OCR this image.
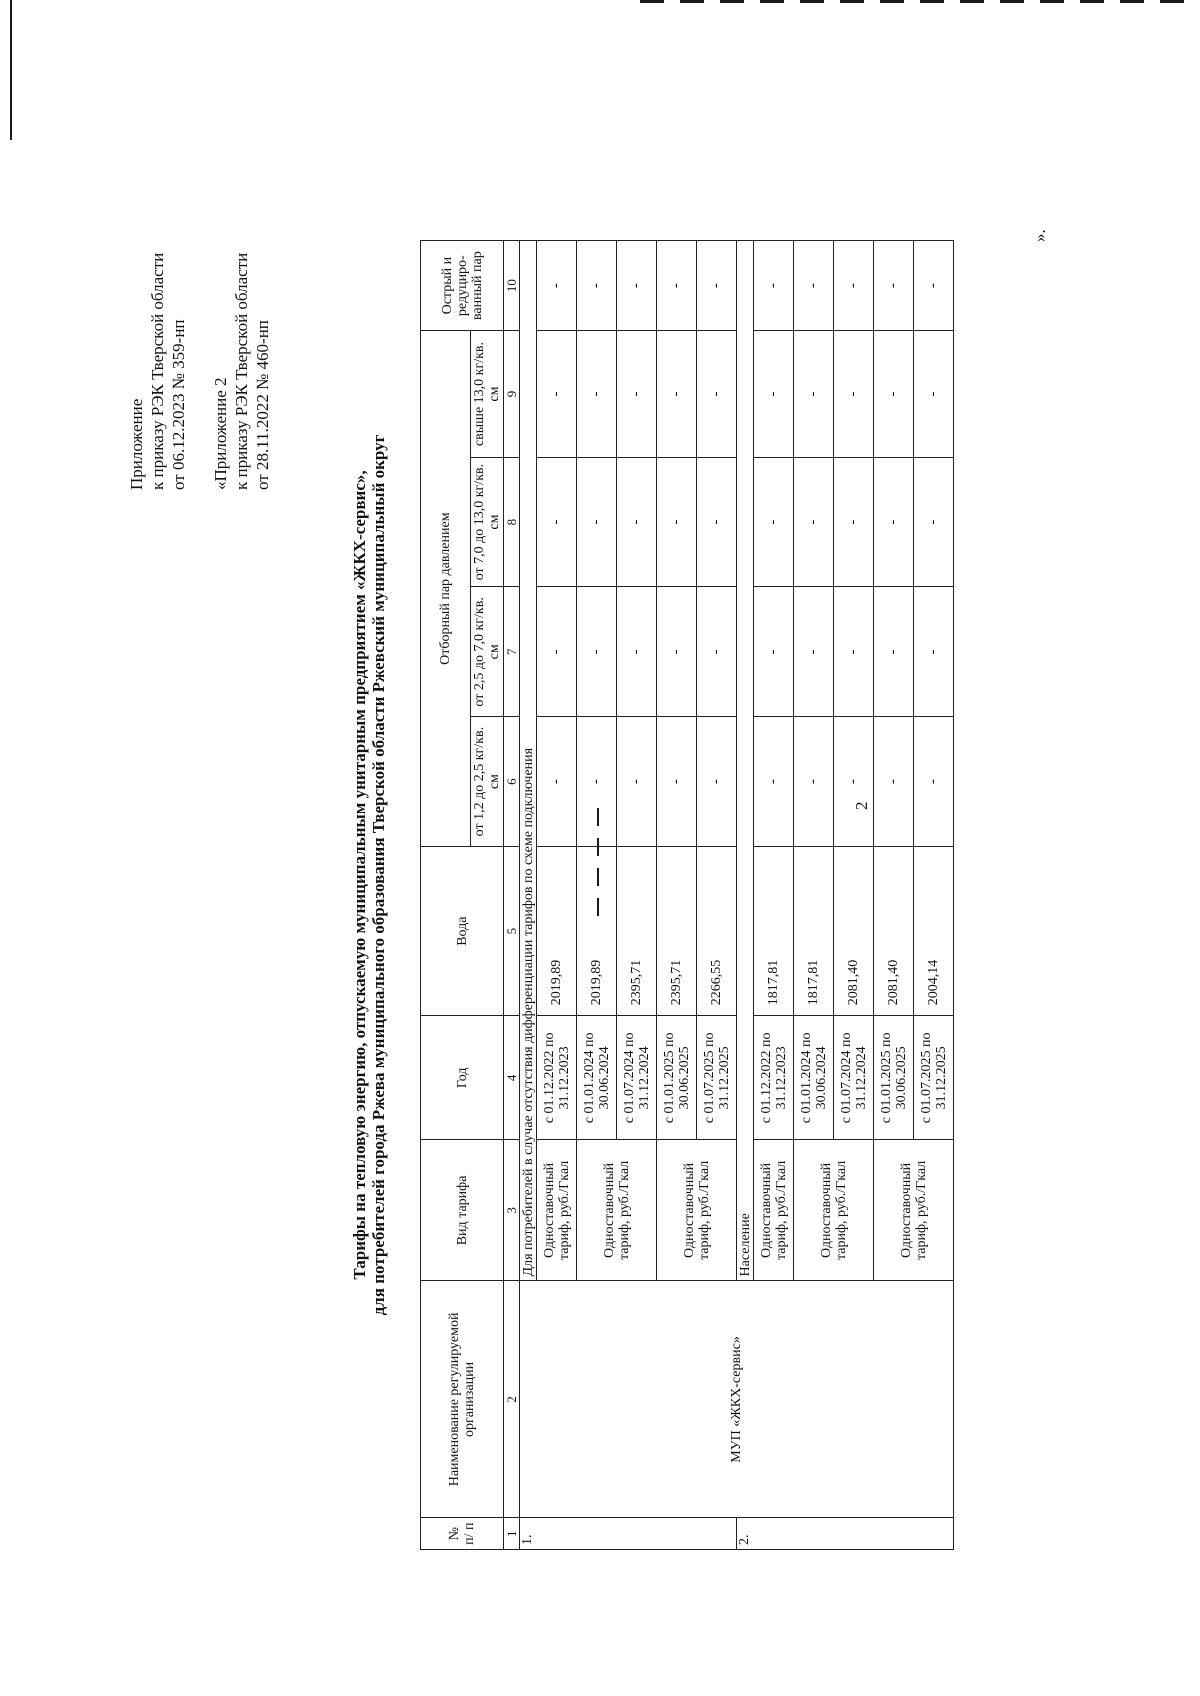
2
Приложение к приказу РЭК Тверской области от 06.12.2023 № 359-нп «Приложение 2 к приказу РЭК Тверской области от 28.11.2022 № 460-нп
Тарифы на тепловую энергию, отпускаемую муниципальным унитарным предприятием «ЖКХ-сервис», для потребителей города Ржева муниципального образования Тверской области Ржевский муниципальный округ
№ п/ п	Наименование регулируемой организации	Вид тарифа	Год	Вода	Отборный пар давлением				Острый и редуциро-ванный пар
					от 1,2 до 2,5 кг/кв. см	от 2,5 до 7,0 кг/кв. см	от 7,0 до 13,0 кг/кв. см	свыше 13,0 кг/кв. см	
1	2	3	4	5	6	7	8	9	10
1.	МУП «ЖКХ-сервис»	Для потребителей в случае отсутствия дифференциации тарифов по схеме подключения							
		Одноставочный тариф, руб./Гкал	с 01.12.2022 по 31.12.2023	2019,89	-	-	-	-	-
		Одноставочный тариф, руб./Гкал	с 01.01.2024 по 30.06.2024	2019,89	-	-	-	-	-
			с 01.07.2024 по 31.12.2024	2395,71	-	-	-	-	-
		Одноставочный тариф, руб./Гкал	с 01.01.2025 по 30.06.2025	2395,71	-	-	-	-	-
			с 01.07.2025 по 31.12.2025	2266,55	-	-	-	-	-
2.		Население							
		Одноставочный тариф, руб./Гкал	с 01.12.2022 по 31.12.2023	1817,81	-	-	-	-	-
		Одноставочный тариф, руб./Гкал	с 01.01.2024 по 30.06.2024	1817,81	-	-	-	-	-
			с 01.07.2024 по 31.12.2024	2081,40	-	-	-	-	-
		Одноставочный тариф, руб./Гкал	с 01.01.2025 по 30.06.2025	2081,40	-	-	-	-	-
			с 01.07.2025 по 31.12.2025	2004,14	-	-	-	-	-
».
